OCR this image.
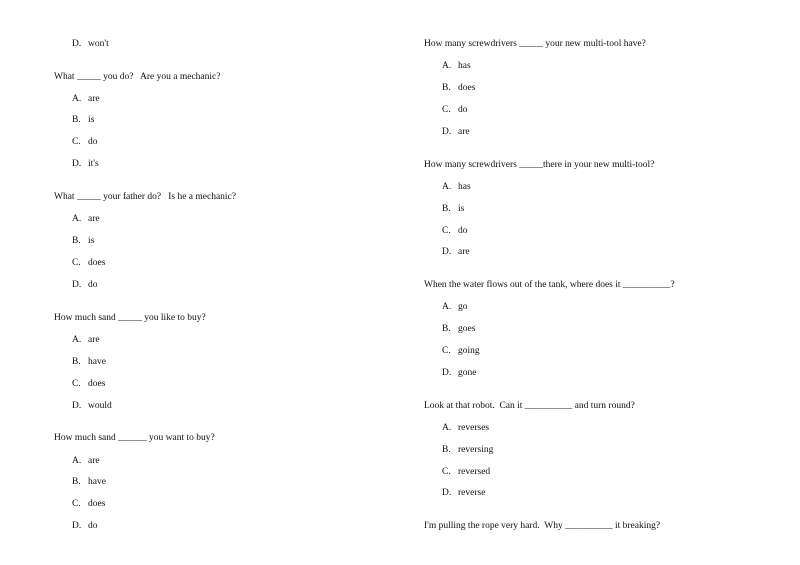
D. won't
What _____ you do?   Are you a mechanic?
A. are
B. is
C. do
D. it's
What _____ your father do?   Is he a mechanic?
A. are
B. is
C. does
D. do
How much sand _____ you like to buy?
A. are
B. have
C. does
D. would
How much sand ______ you want to buy?
A. are
B. have
C. does
D. do
How many screwdrivers _____ your new multi-tool have?
A. has
B. does
C. do
D. are
How many screwdrivers _____there in your new multi-tool?
A. has
B. is
C. do
D. are
When the water flows out of the tank, where does it __________?
A. go
B. goes
C. going
D. gone
Look at that robot.  Can it __________ and turn round?
A. reverses
B. reversing
C. reversed
D. reverse
I'm pulling the rope very hard.  Why __________ it breaking?
